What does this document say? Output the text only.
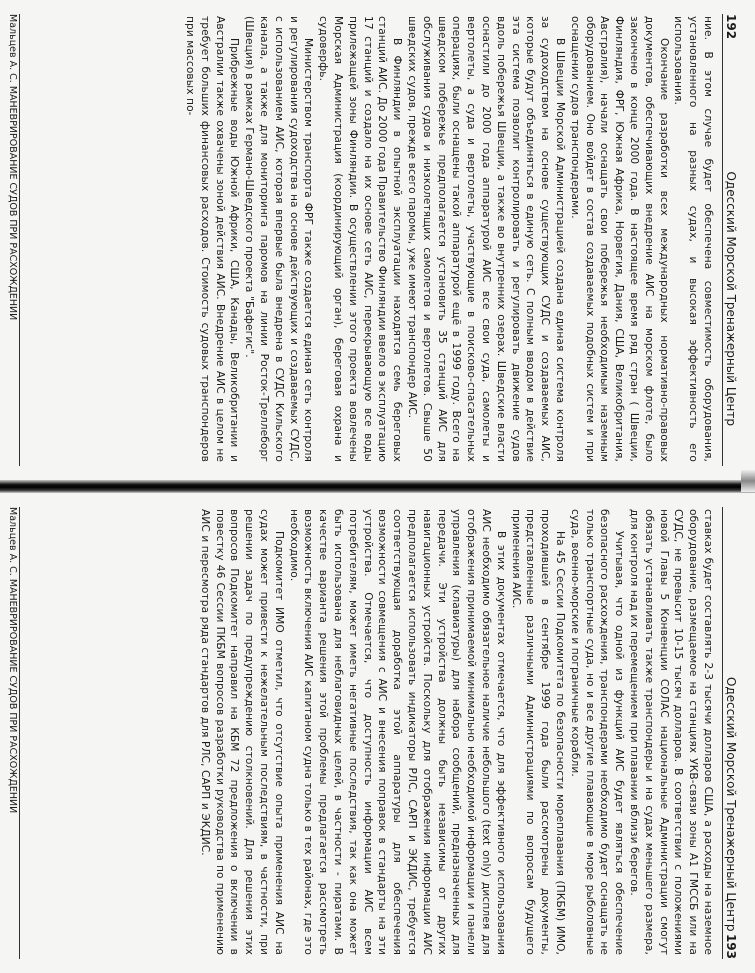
192
Одесский Морской Тренажерный Центр

ние. В этом случае будет обеспечена совместимость оборудования, установленного на разных судах, и высокая эффективность его использования.

Окончание разработки всех международных нормативно-правовых документов, обеспечивающих внедрение АИС на морском флоте, было закончено в конце 2000 года. В настоящее время ряд стран ( Швеции, Финляндия, ФРГ, Южная Африка, Норвегия, Дания, США, Великобритания, Австралия), начали оснащать свои побережья необходимым наземным оборудованием. Оно войдет в состав создаваемых подобных систем и при оснащении судов транспондерами.

В Швеции Морской Администрацией создана единая система контроля за судоходством на основе существующих СУДС и создаваемых АИС, которые будут объединяться в единую сеть. С полным вводом в действие эта система позволит контролировать и регулировать движение судов вдоль побережья Швеции, а также во внутренних озерах. Шведские власти оснастили до 2000 года аппаратурой АИС все свои суда, самолеты и вертолеты, а суда и вертолеты, участвующие в поисково-спасательных операциях, были оснащены такой аппаратурой ещё в 1999 году. Всего на шведском побережье предполагается установить 35 станций АИС для обслуживания судов и низколетящих самолетов и вертолетов. Свыше 50 шведских судов, прежде всего паромы, уже имеют транспондер АИС.

В Финляндии в опытной эксплуатации находятся семь береговых станций АИС. До 2000 года Правительство Финляндии ввело в эксплуатацию 17 станций и создало на их основе сеть АИС, перекрывающую все воды прилежащей зоны Финляндии. В осуществлении этого проекта вовлечены Морская Администрация (координирующий орган), береговая охрана и судоверфь.

Министерством транспорта ФРГ также создается единая сеть контроля и регулирования судоходства на основе действующих и создаваемых СУДС, с использованием АИС, которая впервые была внедрена в СУДС Кильского канала, а также для мониторинга паромов на линии Росток-Треллеборг (Швеция) в рамках Германо-Шведского проекта "Бафегис".

Прибрежные воды Южной Африки, США, Канады, Великобритании и Австралии также охвачены зоной действия АИС. Внедрение АИС в целом не требует больших финансовых расходов. Стоимость судовых транспондеров при массовых по-

Мальцев А. С. МАНЕВРИРОВАНИЕ СУДОВ ПРИ РАСХОЖДЕНИИ
Одесский Морской Тренажерный Центр
193

ставках будет составлять 2-3 тысячи долларов США, а расходы на наземное оборудование, размещаемое на станциях УКВ-связи зоны А1 ГМССБ или на СУДС, не превысит 10-15 тысяч долларов. В соответствии с положениями новой Главы 5 Конвенции СОЛАС национальные Администрации смогут обязать устанавливать также транспондеры и на судах меньшего размера, для контроля над их перемещением при плавании вблизи берегов.

Учитывая, что одной из функций АИС будет являться обеспечение безопасного расхождения, транспондерами необходимо будет оснащать не только транспортные суда, но и все другие плавающие в море рыболовные суда, военно-морские и пограничные корабли.

На 45 Сессии Подкомитета по безопасности мореплавания (ПКБМ) ИМО, проходившей в сентябре 1999 года были рассмотрены документы, представленные различными Администрациями по вопросам будущего применения АИС.

В этих документах отмечается, что для эффективного использования АИС необходимо обязательное наличие небольшого (text only) дисплея для отображения принимаемой минимально необходимой информации и панели управления (клавиатуры) для набора сообщений, предназначенных для передачи. Эти устройства должны быть независимы от других навигационных устройств. Поскольку для отображения информации АИС предполагается использовать индикаторы РЛС, САРП и ЭКДИС, требуется соответствующая доработка этой аппаратуры для обеспечения возможности совмещения с АИС и внесения поправок в стандарты на эти устройства. Отмечается, что доступность информации АИС всем потребителям, может иметь негативные последствия, так как она может быть использована для неблаговидных целей, в частности - пиратами. В качестве варианта решения этой проблемы предлагается рассмотреть возможность включения АИС капитаном судна только в тех районах, где это необходимо.

Подкомитет ИМО отметил, что отсутствие опыта применения АИС на судах может привести к нежелательным последствиям, в частности, при решении задач по предупреждению столкновений. Для решения этих вопросов Подкомитет направил на КБМ 72 предложения о включении в повестку 46 Сессии ПКБМ вопросов разработки руководства по применению АИС и пересмотра ряда стандартов для РЛС, САРП и ЭКДИС.

Мальцев А. С. МАНЕВРИРОВАНИЕ СУДОВ ПРИ РАСХОЖДЕНИИ
